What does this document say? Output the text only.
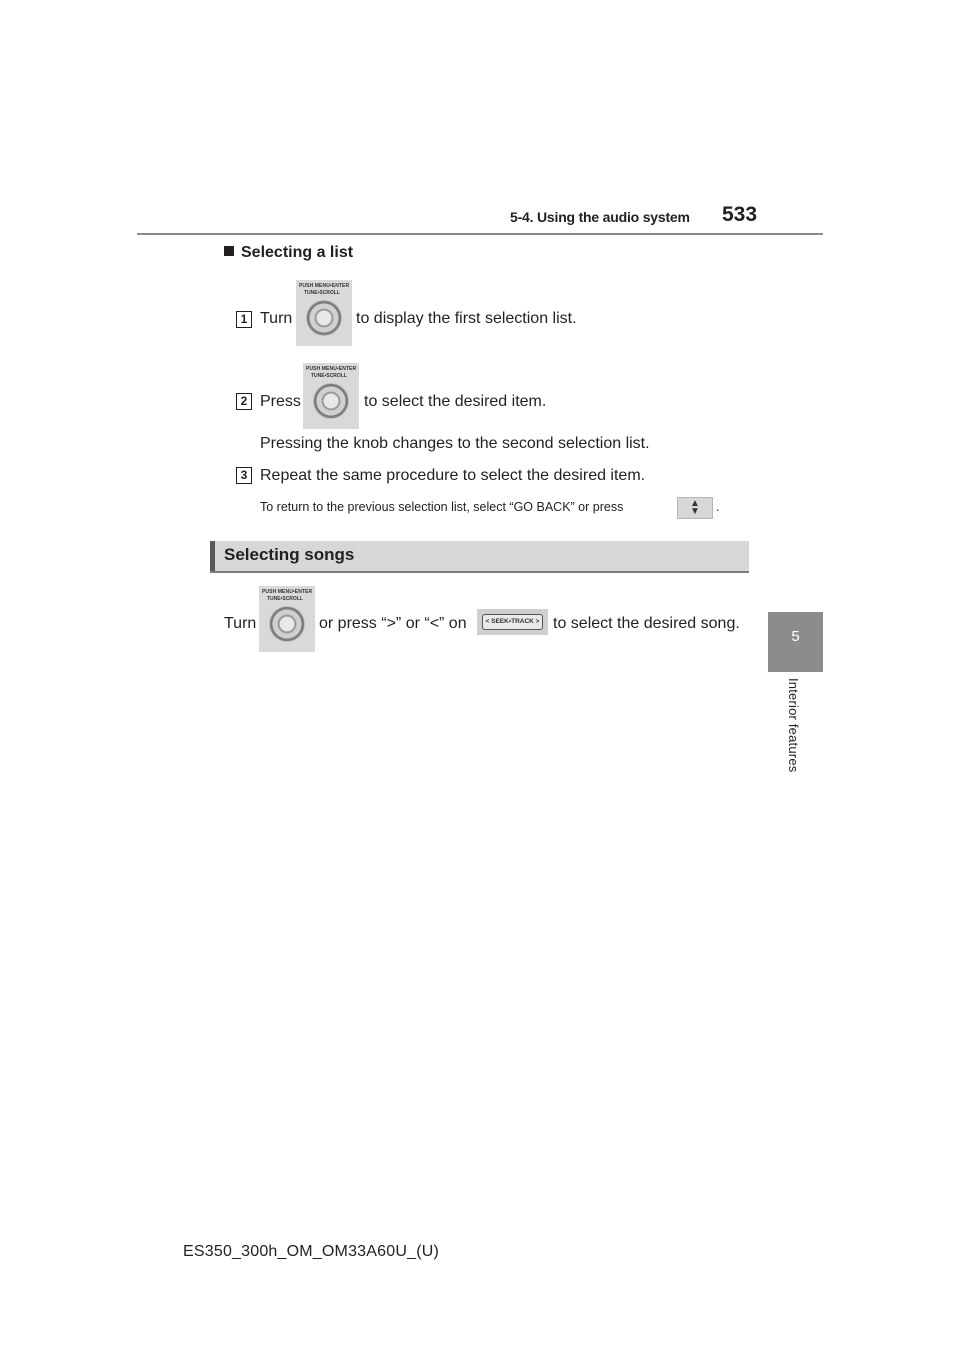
5-4. Using the audio system 533
5
Interior features
Selecting a list
1 Turn
PUSH MENU•ENTER
TUNE•SCROLL
to display the first selection list.
2 Press
PUSH MENU•ENTER
TUNE•SCROLL
to select the desired item.
Pressing the knob changes to the second selection list.
3 Repeat the same procedure to select the desired item.
To return to the previous selection list, select “GO BACK” or press	▲
▼	.
Selecting songs
Turn
PUSH MENU•ENTER
TUNE•SCROLL
or press “>” or “<” on	< SEEK•TRACK > to select the desired song.
ES350_300h_OM_OM33A60U_(U)
